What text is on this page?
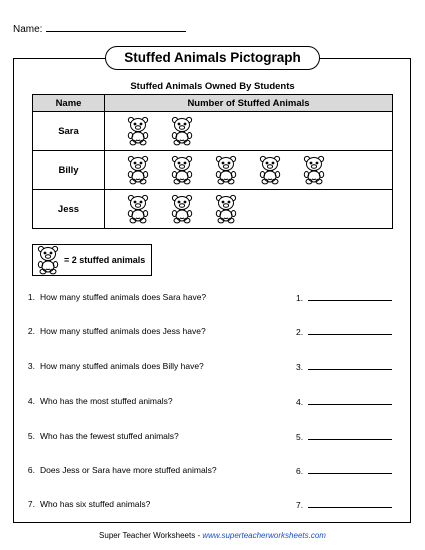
Name:
Stuffed Animals Pictograph
Stuffed Animals Owned By Students
Name	Number of Stuffed Animals
Sara	

Billy	

Jess	
= 2 stuffed animals
1. How many stuffed animals does Sara have?	1.
2. How many stuffed animals does Jess have?	2.
3. How many stuffed animals does Billy have?	3.
4. Who has the most stuffed animals?	4.
5. Who has the fewest stuffed animals?	5.
6. Does Jess or Sara have more stuffed animals?	6.
7. Who has six stuffed animals?	7.
Super Teacher Worksheets - www.superteacherworksheets.com
